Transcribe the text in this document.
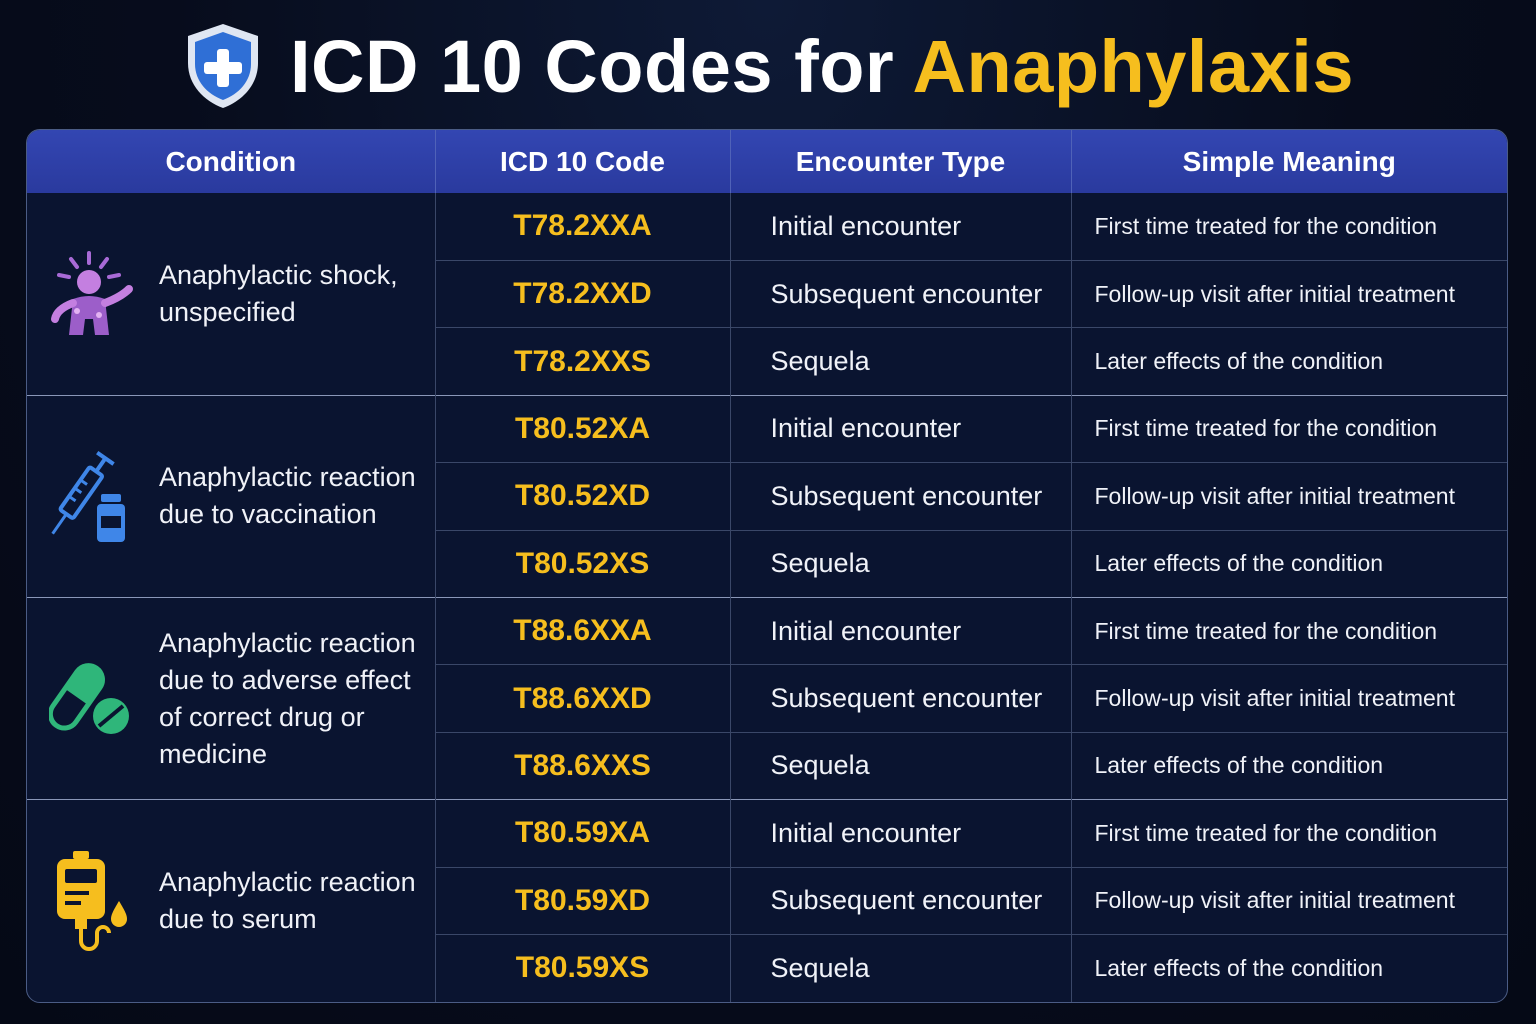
ICD 10 Codes for Anaphylaxis
Condition	ICD 10 Code	Encounter Type	Simple Meaning

Anaphylactic shock,
unspecified	T78.2XXA	Initial encounter	First time treated for the condition
	T78.2XXD	Subsequent encounter	Follow-up visit after initial treatment
	T78.2XXS	Sequela	Later effects of the condition

Anaphylactic reaction
due to vaccination	T80.52XA	Initial encounter	First time treated for the condition
	T80.52XD	Subsequent encounter	Follow-up visit after initial treatment
	T80.52XS	Sequela	Later effects of the condition

Anaphylactic reaction
due to adverse effect
of correct drug or
medicine	T88.6XXA	Initial encounter	First time treated for the condition
	T88.6XXD	Subsequent encounter	Follow-up visit after initial treatment
	T88.6XXS	Sequela	Later effects of the condition

Anaphylactic reaction
due to serum	T80.59XA	Initial encounter	First time treated for the condition
	T80.59XD	Subsequent encounter	Follow-up visit after initial treatment
	T80.59XS	Sequela	Later effects of the condition
